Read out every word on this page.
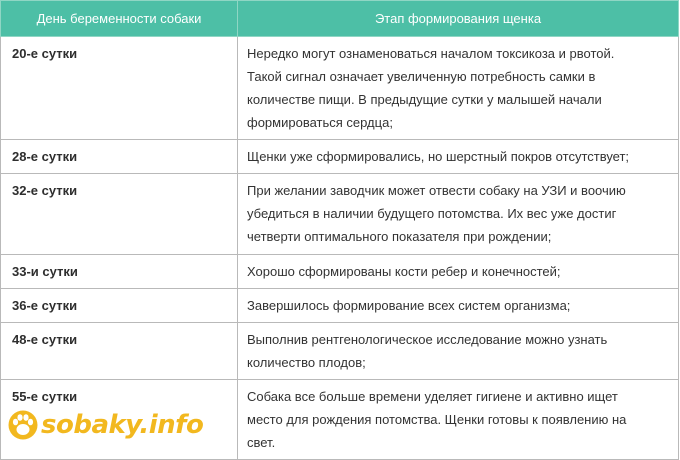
День беременности собаки	Этап формирования щенка
20-е сутки	Нередко могут ознаменоваться началом токсикоза и рвотой.
Такой сигнал означает увеличенную потребность самки в
количестве пищи. В предыдущие сутки у малышей начали
формироваться сердца;

28-е сутки	Щенки уже сформировались, но шерстный покров отсутствует;

32-е сутки	При желании заводчик может отвести собаку на УЗИ и воочию
убедиться в наличии будущего потомства. Их вес уже достиг
четверти оптимального показателя при рождении;

33-и сутки	Хорошо сформированы кости ребер и конечностей;

36-е сутки	Завершилось формирование всех систем организма;

48-е сутки	Выполнив рентгенологическое исследование можно узнать
количество плодов;

55-е сутки	Собака все больше времени уделяет гигиене и активно ищет
место для рождения потомства. Щенки готовы к появлению на
свет.
sobaky.info
